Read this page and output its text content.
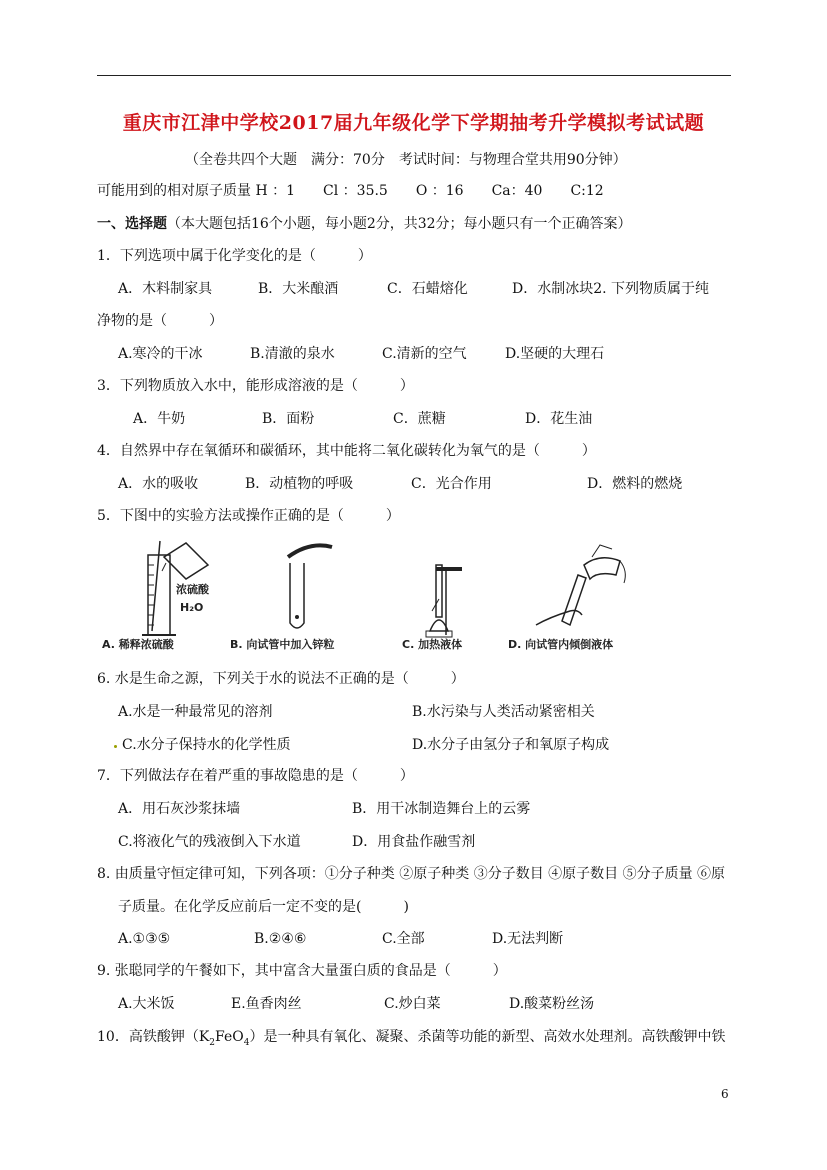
重庆市江津中学校2017届九年级化学下学期抽考升学模拟考试试题
（全卷共四个大题　满分：70分　考试时间：与物理合堂共用90分钟）
可能用到的相对原子质量 H ：1　　Cl ：35.5　　O ：16　　Ca：40　　C:12
一、选择题（本大题包括16个小题，每小题2分，共32分；每小题只有一个正确答案）
1．下列选项中属于化学变化的是（　　　）
A．木料制家具	B．大米酿酒	C．石蜡熔化	D．水制冰块2. 下列物质属于纯
净物的是（　　　）
A.寒冷的干冰	B.清澈的泉水	C.清新的空气	D.坚硬的大理石
3．下列物质放入水中，能形成溶液的是（　　　）
A．牛奶	B．面粉	C．蔗糖	D．花生油
4．自然界中存在氧循环和碳循环，其中能将二氧化碳转化为氧气的是（　　　）
A．水的吸收	B．动植物的呼吸	C．光合作用	D．燃料的燃烧
5．下图中的实验方法或操作正确的是（　　　）
浓硫酸
H₂O
A. 稀释浓硫酸	B. 向试管中加入锌粒	C. 加热液体	D. 向试管内倾倒液体
6. 水是生命之源，下列关于水的说法不正确的是（　　　）
A.水是一种最常见的溶剂	B.水污染与人类活动紧密相关
C.水分子保持水的化学性质	D.水分子由氢分子和氧原子构成
7．下列做法存在着严重的事故隐患的是（　　　）
A．用石灰沙浆抹墙	B．用干冰制造舞台上的云雾
C.将液化气的残液倒入下水道	D．用食盐作融雪剂
8. 由质量守恒定律可知，下列各项：①分子种类 ②原子种类 ③分子数目 ④原子数目 ⑤分子质量 ⑥原
子质量。在化学反应前后一定不变的是(　　　)
A.①③⑤	B.②④⑥	C.全部	D.无法判断
9. 张聪同学的午餐如下，其中富含大量蛋白质的食品是（　　　）
A.大米饭	E.鱼香肉丝	C.炒白菜	D.酸菜粉丝汤
10．高铁酸钾$(K_2FeO_4)$是一种具有氧化、凝聚、杀菌等功能的新型、高效水处理剂。高铁酸钾中铁
6
